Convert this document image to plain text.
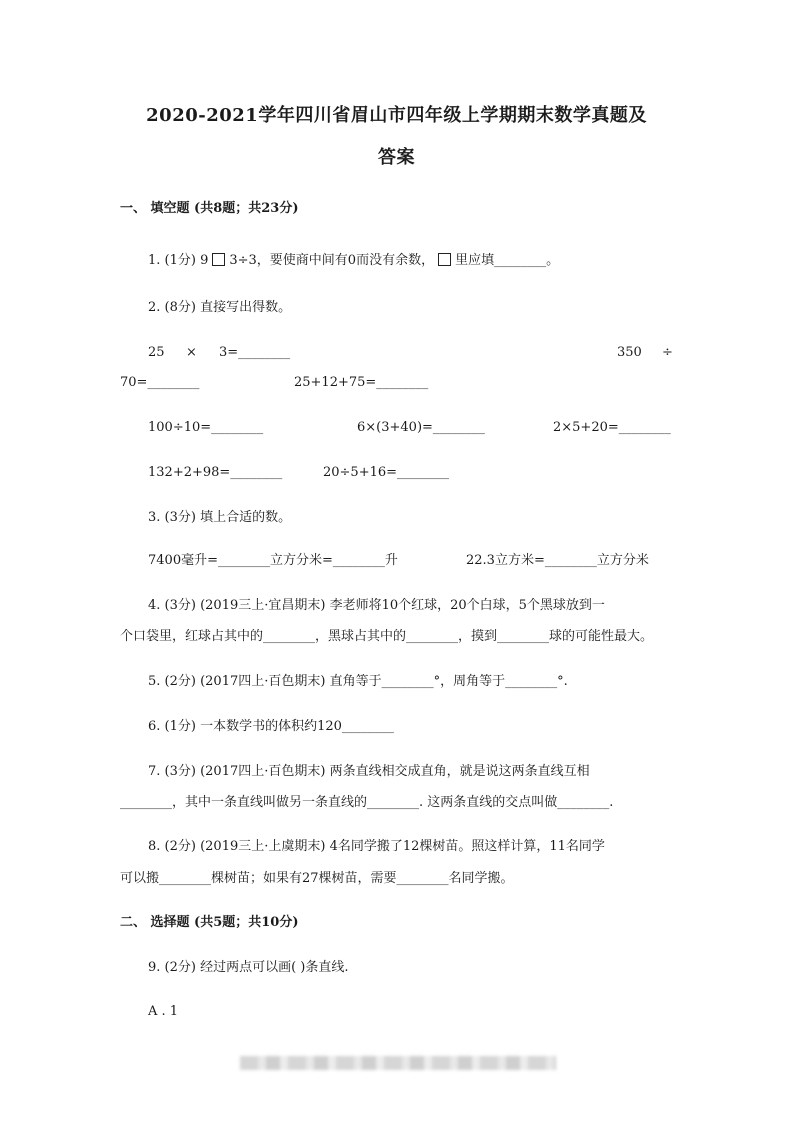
2020-2021学年四川省眉山市四年级上学期期末数学真题及
答案
一、 填空题 (共8题；共23分)
1. (1分) 9 3÷3，要使商中间有0而没有余数， 里应填________。
2. (8分) 直接写出得数。
25 × 3=________	350 ÷
70=________	25+12+75=________
100÷10=________	6×(3+40)=________	2×5+20=________
132+2+98=________	20÷5+16=________
3. (3分) 填上合适的数。
7400毫升=________立方分米=________升	22.3立方米=________立方分米
4. (3分) (2019三上·宜昌期末) 李老师将10个红球，20个白球，5个黑球放到一
个口袋里，红球占其中的________，黑球占其中的________，摸到________球的可能性最大。
5. (2分) (2017四上·百色期末) 直角等于________°，周角等于________°.
6. (1分) 一本数学书的体积约120________
7. (3分) (2017四上·百色期末) 两条直线相交成直角，就是说这两条直线互相
________，其中一条直线叫做另一条直线的________. 这两条直线的交点叫做________.
8. (2分) (2019三上·上虞期末) 4名同学搬了12棵树苗。照这样计算，11名同学
可以搬________棵树苗；如果有27棵树苗，需要________名同学搬。
二、 选择题 (共5题；共10分)
9. (2分) 经过两点可以画( )条直线.
A . 1
